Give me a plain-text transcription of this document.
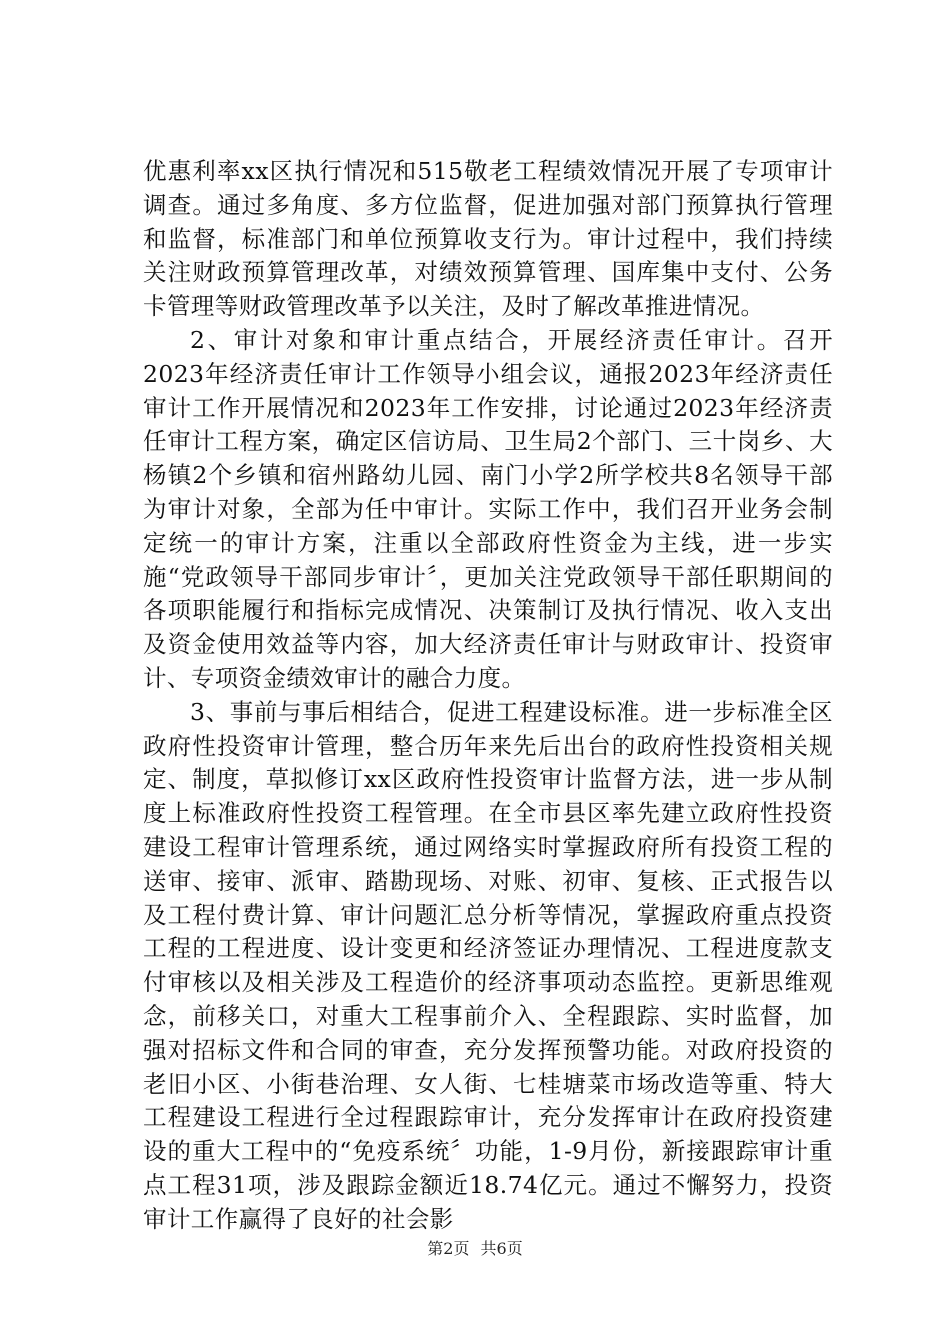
优惠利率xx区执行情况和515敬老工程绩效情况开展了专项审计调查。通过多角度、多方位监督，促进加强对部门预算执行管理和监督，标准部门和单位预算收支行为。审计过程中，我们持续关注财政预算管理改革，对绩效预算管理、国库集中支付、公务卡管理等财政管理改革予以关注，及时了解改革推进情况。

2、审计对象和审计重点结合，开展经济责任审计。召开2023年经济责任审计工作领导小组会议，通报2023年经济责任审计工作开展情况和2023年工作安排，讨论通过2023年经济责任审计工程方案，确定区信访局、卫生局2个部门、三十岗乡、大杨镇2个乡镇和宿州路幼儿园、南门小学2所学校共8名领导干部为审计对象，全部为任中审计。实际工作中，我们召开业务会制定统一的审计方案，注重以全部政府性资金为主线，进一步实施“党政领导干部同步审计〞，更加关注党政领导干部任职期间的各项职能履行和指标完成情况、决策制订及执行情况、收入支出及资金使用效益等内容，加大经济责任审计与财政审计、投资审计、专项资金绩效审计的融合力度。

3、事前与事后相结合，促进工程建设标准。进一步标准全区政府性投资审计管理，整合历年来先后出台的政府性投资相关规定、制度，草拟修订xx区政府性投资审计监督方法，进一步从制度上标准政府性投资工程管理。在全市县区率先建立政府性投资建设工程审计管理系统，通过网络实时掌握政府所有投资工程的送审、接审、派审、踏勘现场、对账、初审、复核、正式报告以及工程付费计算、审计问题汇总分析等情况，掌握政府重点投资工程的工程进度、设计变更和经济签证办理情况、工程进度款支付审核以及相关涉及工程造价的经济事项动态监控。更新思维观念，前移关口，对重大工程事前介入、全程跟踪、实时监督，加强对招标文件和合同的审查，充分发挥预警功能。对政府投资的老旧小区、小街巷治理、女人街、七桂塘菜市场改造等重、特大工程建设工程进行全过程跟踪审计，充分发挥审计在政府投资建设的重大工程中的“免疫系统〞功能，1-9月份，新接跟踪审计重点工程31项，涉及跟踪金额近18.74亿元。通过不懈努力，投资审计工作赢得了良好的社会影

第2页 共6页
